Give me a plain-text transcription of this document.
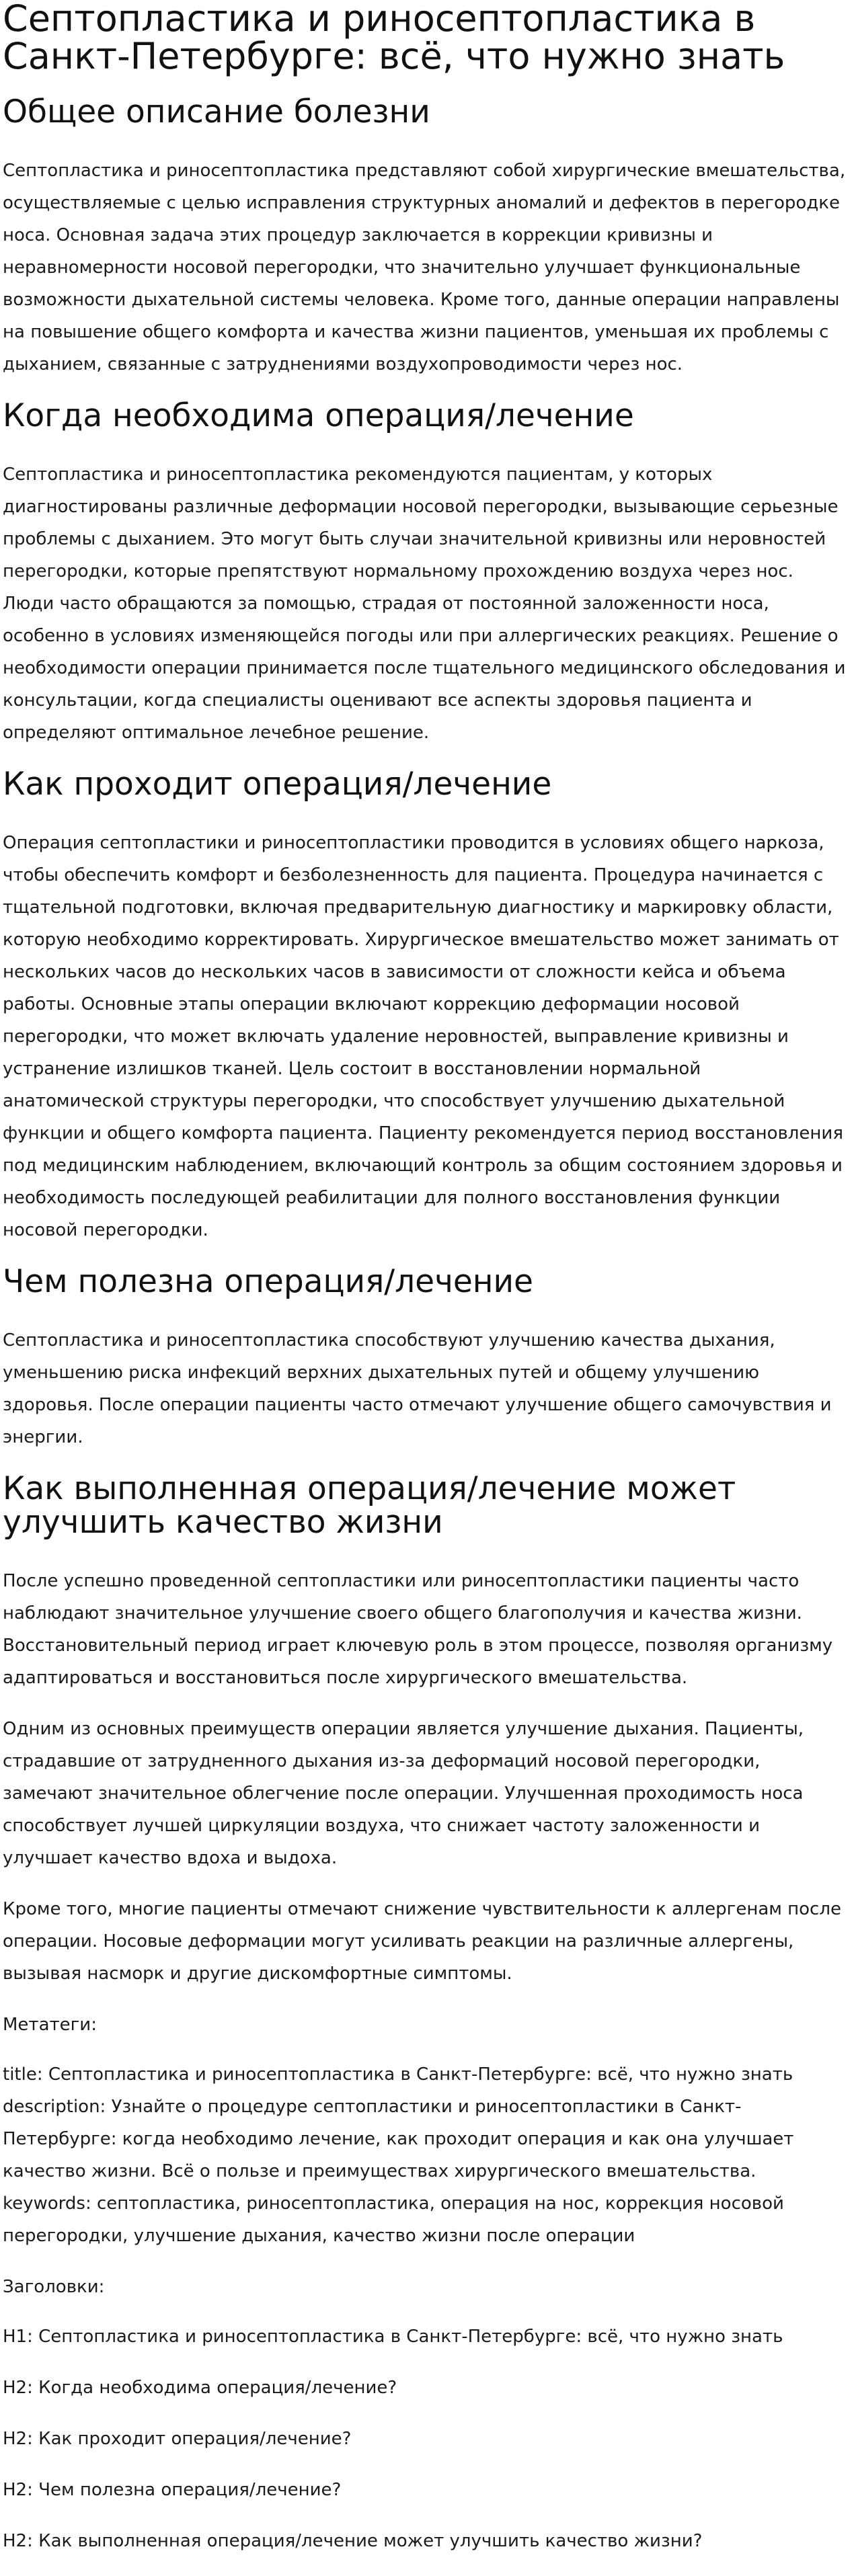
Септопластика и риносептопластика в Санкт-Петербурге: всё, что нужно знать
Общее описание болезни

Септопластика и риносептопластика представляют собой хирургические вмешательства, осуществляемые с целью исправления структурных аномалий и дефектов в перегородке носа. Основная задача этих процедур заключается в коррекции кривизны и неравномерности носовой перегородки, что значительно улучшает функциональные возможности дыхательной системы человека. Кроме того, данные операции направлены на повышение общего комфорта и качества жизни пациентов, уменьшая их проблемы с дыханием, связанные с затруднениями воздухопроводимости через нос.

Когда необходима операция/лечение

Септопластика и риносептопластика рекомендуются пациентам, у которых диагностированы различные деформации носовой перегородки, вызывающие серьезные проблемы с дыханием. Это могут быть случаи значительной кривизны или неровностей перегородки, которые препятствуют нормальному прохождению воздуха через нос. Люди часто обращаются за помощью, страдая от постоянной заложенности носа, особенно в условиях изменяющейся погоды или при аллергических реакциях. Решение о необходимости операции принимается после тщательного медицинского обследования и консультации, когда специалисты оценивают все аспекты здоровья пациента и определяют оптимальное лечебное решение.

Как проходит операция/лечение

Операция септопластики и риносептопластики проводится в условиях общего наркоза, чтобы обеспечить комфорт и безболезненность для пациента. Процедура начинается с тщательной подготовки, включая предварительную диагностику и маркировку области, которую необходимо корректировать. Хирургическое вмешательство может занимать от нескольких часов до нескольких часов в зависимости от сложности кейса и объема работы. Основные этапы операции включают коррекцию деформации носовой перегородки, что может включать удаление неровностей, выправление кривизны и устранение излишков тканей. Цель состоит в восстановлении нормальной анатомической структуры перегородки, что способствует улучшению дыхательной функции и общего комфорта пациента. Пациенту рекомендуется период восстановления под медицинским наблюдением, включающий контроль за общим состоянием здоровья и необходимость последующей реабилитации для полного восстановления функции носовой перегородки.

Чем полезна операция/лечение

Септопластика и риносептопластика способствуют улучшению качества дыхания, уменьшению риска инфекций верхних дыхательных путей и общему улучшению здоровья. После операции пациенты часто отмечают улучшение общего самочувствия и энергии.

Как выполненная операция/лечение может улучшить качество жизни

После успешно проведенной септопластики или риносептопластики пациенты часто наблюдают значительное улучшение своего общего благополучия и качества жизни. Восстановительный период играет ключевую роль в этом процессе, позволяя организму адаптироваться и восстановиться после хирургического вмешательства.

Одним из основных преимуществ операции является улучшение дыхания. Пациенты, страдавшие от затрудненного дыхания из-за деформаций носовой перегородки, замечают значительное облегчение после операции. Улучшенная проходимость носа способствует лучшей циркуляции воздуха, что снижает частоту заложенности и улучшает качество вдоха и выдоха.

Кроме того, многие пациенты отмечают снижение чувствительности к аллергенам после операции. Носовые деформации могут усиливать реакции на различные аллергены, вызывая насморк и другие дискомфортные симптомы.

Метатеги:

title: Септопластика и риносептопластика в Санкт-Петербурге: всё, что нужно знать description: Узнайте о процедуре септопластики и риносептопластики в Санкт-Петербурге: когда необходимо лечение, как проходит операция и как она улучшает качество жизни. Всё о пользе и преимуществах хирургического вмешательства. keywords: септопластика, риносептопластика, операция на нос, коррекция носовой перегородки, улучшение дыхания, качество жизни после операции

Заголовки:

H1: Септопластика и риносептопластика в Санкт-Петербурге: всё, что нужно знать

H2: Когда необходима операция/лечение?

H2: Как проходит операция/лечение?

H2: Чем полезна операция/лечение?

H2: Как выполненная операция/лечение может улучшить качество жизни?
